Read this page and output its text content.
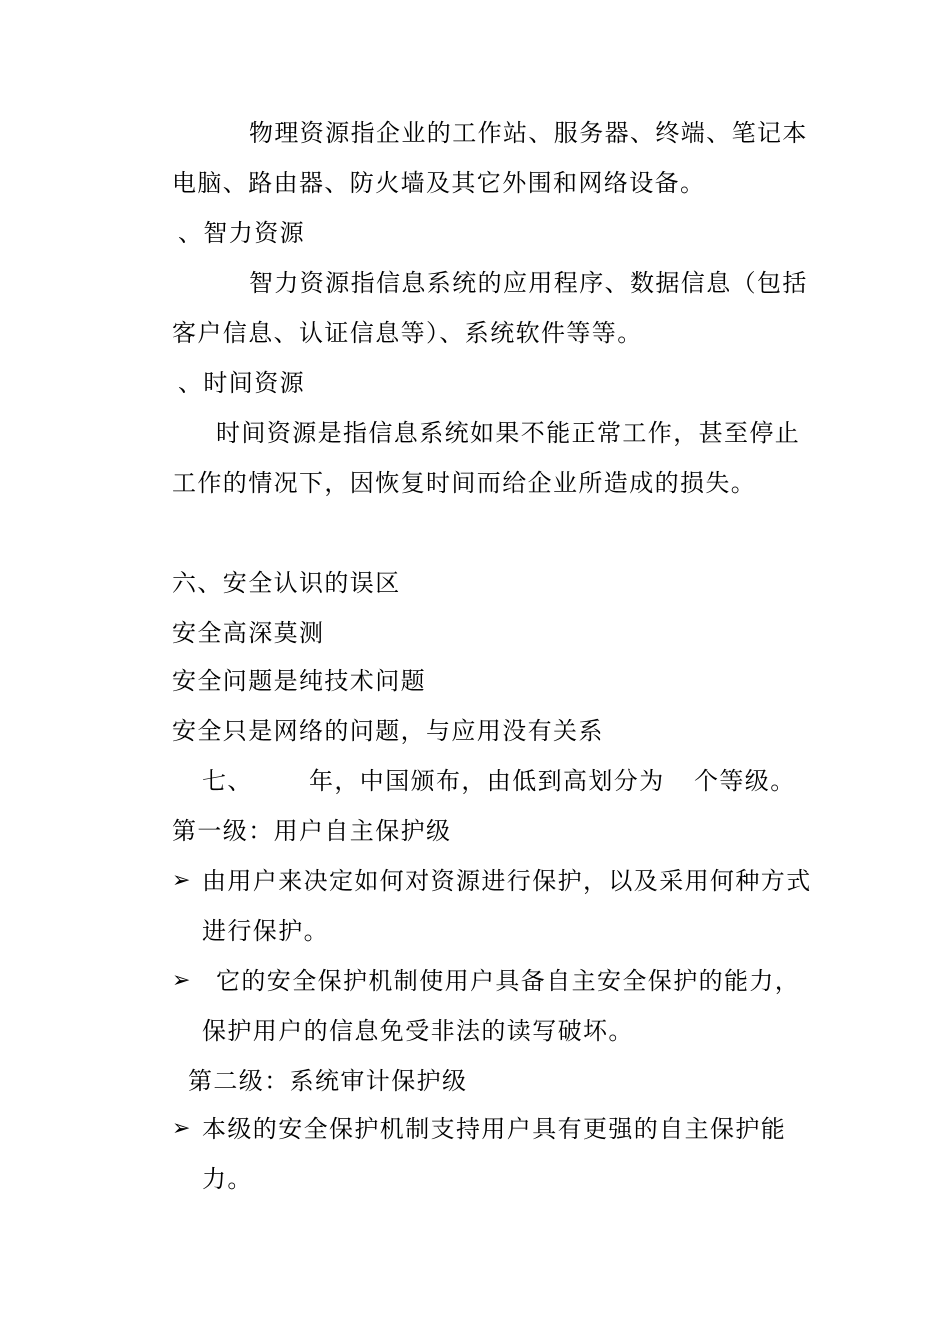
物理资源指企业的工作站、服务器、终端、笔记本
电脑、路由器、防火墙及其它外围和网络设备。
、智力资源
智力资源指信息系统的应用程序、数据信息（包括
客户信息、认证信息等）、系统软件等等。
、时间资源
时间资源是指信息系统如果不能正常工作，甚至停止
工作的情况下，因恢复时间而给企业所造成的损失。
六、安全认识的误区
安全高深莫测
安全问题是纯技术问题
安全只是网络的问题，与应用没有关系
七、 年，中国颁布，由低到高划分为 个等级。
第一级：用户自主保护级
➢ 由用户来决定如何对资源进行保护，以及采用何种方式
进行保护。
➢ 它的安全保护机制使用户具备自主安全保护的能力，
保护用户的信息免受非法的读写破坏。
第二级：系统审计保护级
➢ 本级的安全保护机制支持用户具有更强的自主保护能
力。
